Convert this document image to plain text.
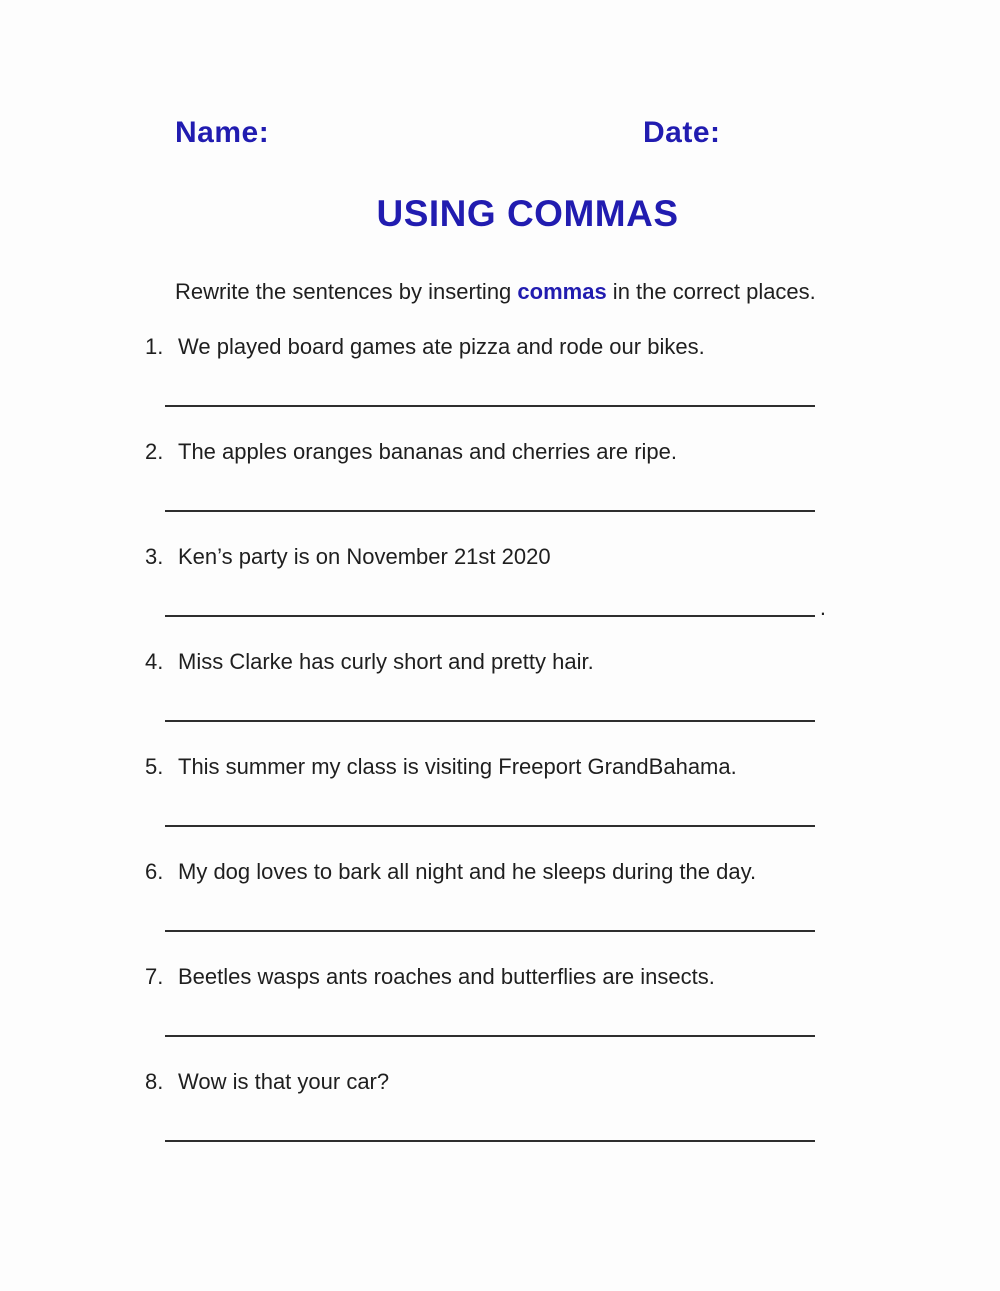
Name:	Date:
USING COMMAS

Rewrite the sentences by inserting commas in the correct places.

1. We played board games ate pizza and rode our bikes.
2. The apples oranges bananas and cherries are ripe.
3. Ken’s party is on November 21st 2020
.
4. Miss Clarke has curly short and pretty hair.
5. This summer my class is visiting Freeport GrandBahama.
6. My dog loves to bark all night and he sleeps during the day.
7. Beetles wasps ants roaches and butterflies are insects.
8. Wow is that your car?
